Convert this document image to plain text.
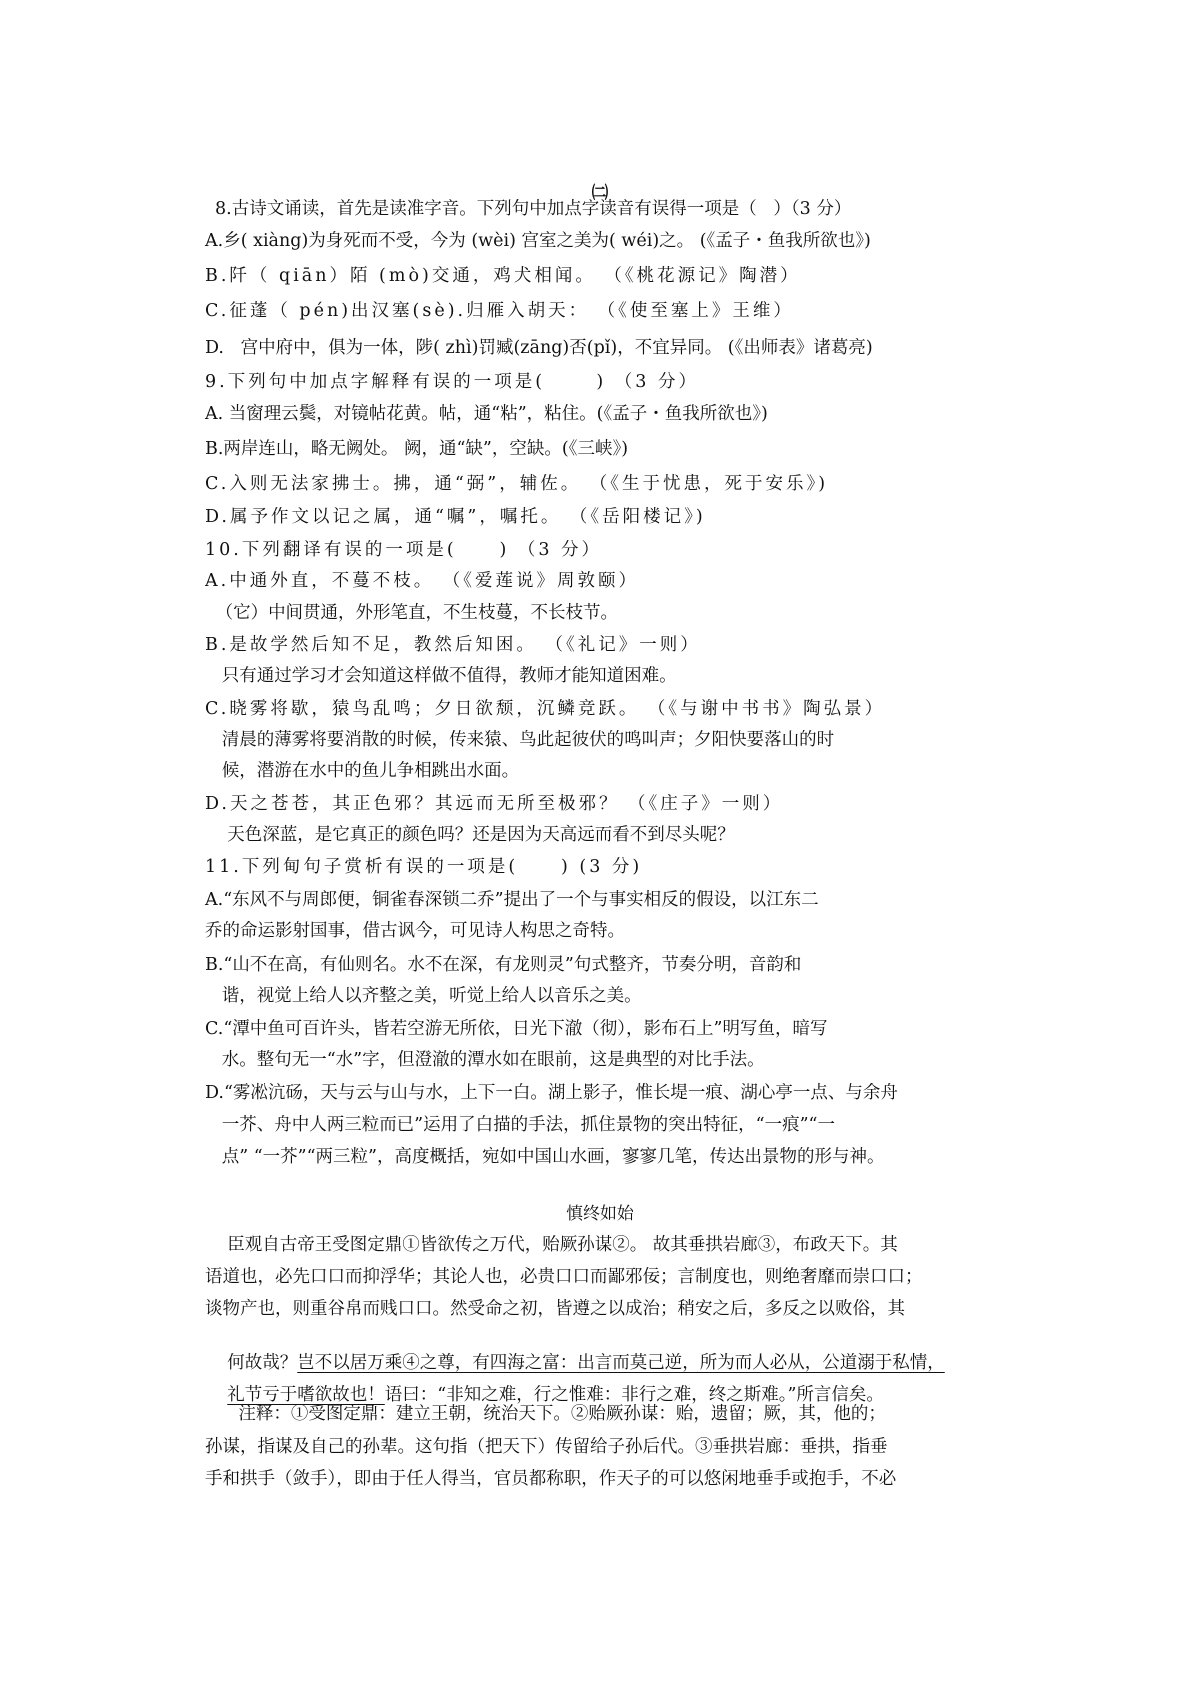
㈡
8.古诗文诵读，首先是读准字音。下列句中加点字读音有误得一项是（   ）（3 分）
A.乡( xiàng)为身死而不受，今为 (wèi) 宫室之美为( wéi)之。 (《孟子・鱼我所欲也》)
B.阡（ qiān）陌 (mò)交通，鸡犬相闻。 （《桃花源记》陶潜）
C.征蓬（ pén)出汉塞(sè).归雁入胡天： （《使至塞上》王维）
D.   宫中府中，俱为一体，陟( zhì)罚臧(zāng)否(pǐ)，不宜异同。 (《出师表》诸葛亮)
9.下列句中加点字解释有误的一项是(      ) （3 分）
A. 当窗理云鬓，对镜帖花黄。帖，通“粘”，粘住。(《孟子・鱼我所欲也》)
B.两岸连山，略无阙处。 阙，通“缺”，空缺。(《三峡》)
C.入则无法家拂士。拂，通“弼”，辅佐。 （《生于忧患，死于安乐》)
D.属予作文以记之属，通“嘱”，嘱托。 （《岳阳楼记》)
10.下列翻译有误的一项是(     ) （3 分）
A.中通外直，不蔓不枝。 （《爱莲说》周敦颐）
（它）中间贯通，外形笔直，不生枝蔓，不长枝节。
B.是故学然后知不足，教然后知困。 （《礼记》一则）
只有通过学习才会知道这样做不值得，教师才能知道困难。
C.晓雾将歇，猿鸟乱鸣；夕日欲颓，沉鳞竞跃。 （《与谢中书书》陶弘景）
清晨的薄雾将要消散的时候，传来猿、鸟此起彼伏的鸣叫声；夕阳快要落山的时
候，潜游在水中的鱼儿争相跳出水面。
D.天之苍苍，其正色邪？其远而无所至极邪？ （《庄子》一则）
天色深蓝，是它真正的颜色吗？还是因为天高远而看不到尽头呢？
11.下列甸句子赏析有误的一项是(     ) (3 分)
A.“东风不与周郎便，铜雀春深锁二乔”提出了一个与事实相反的假设，以江东二
乔的命运影射国事，借古讽今，可见诗人构思之奇特。
B.“山不在高，有仙则名。水不在深，有龙则灵”句式整齐，节奏分明，音韵和
谐，视觉上给人以齐整之美，听觉上给人以音乐之美。
C.“潭中鱼可百许头，皆若空游无所依，日光下澈（彻），影布石上”明写鱼，暗写
水。整句无一“水”字，但澄澈的潭水如在眼前，这是典型的对比手法。
D.“雾凇沆砀，天与云与山与水，上下一白。湖上影子，惟长堤一痕、湖心亭一点、与余舟
一芥、舟中人两三粒而已”运用了白描的手法，抓住景物的突出特征，“一痕”“一
点” “一芥”“两三粒”，高度概括，宛如中国山水画，寥寥几笔，传达出景物的形与神。
慎终如始
臣观自古帝王受图定鼎①皆欲传之万代，贻厥孙谋②。 故其垂拱岩廊③，布政天下。其
语道也，必先口口而抑浮华；其论人也，必贵口口而鄙邪佞；言制度也，则绝奢靡而崇口口；
谈物产也，则重谷帛而贱口口。然受命之初，皆遵之以成治；稍安之后，多反之以败俗，其

何故哉？岂不以居万乘④之尊，有四海之富：出言而莫己逆，所为而人必从，公道溺于私情，

礼节亏于嗜欲故也！语曰：“非知之难，行之惟难：非行之难，终之斯难。”所言信矣。

注释：①受图定鼎：建立王朝，统治天下。②贻厥孙谋：贻，遗留；厥，其，他的；
孙谋，指谋及自己的孙辈。这句指（把天下）传留给子孙后代。③垂拱岩廊：垂拱，指垂
手和拱手（敛手），即由于任人得当，官员都称职，作天子的可以悠闲地垂手或抱手，不必
